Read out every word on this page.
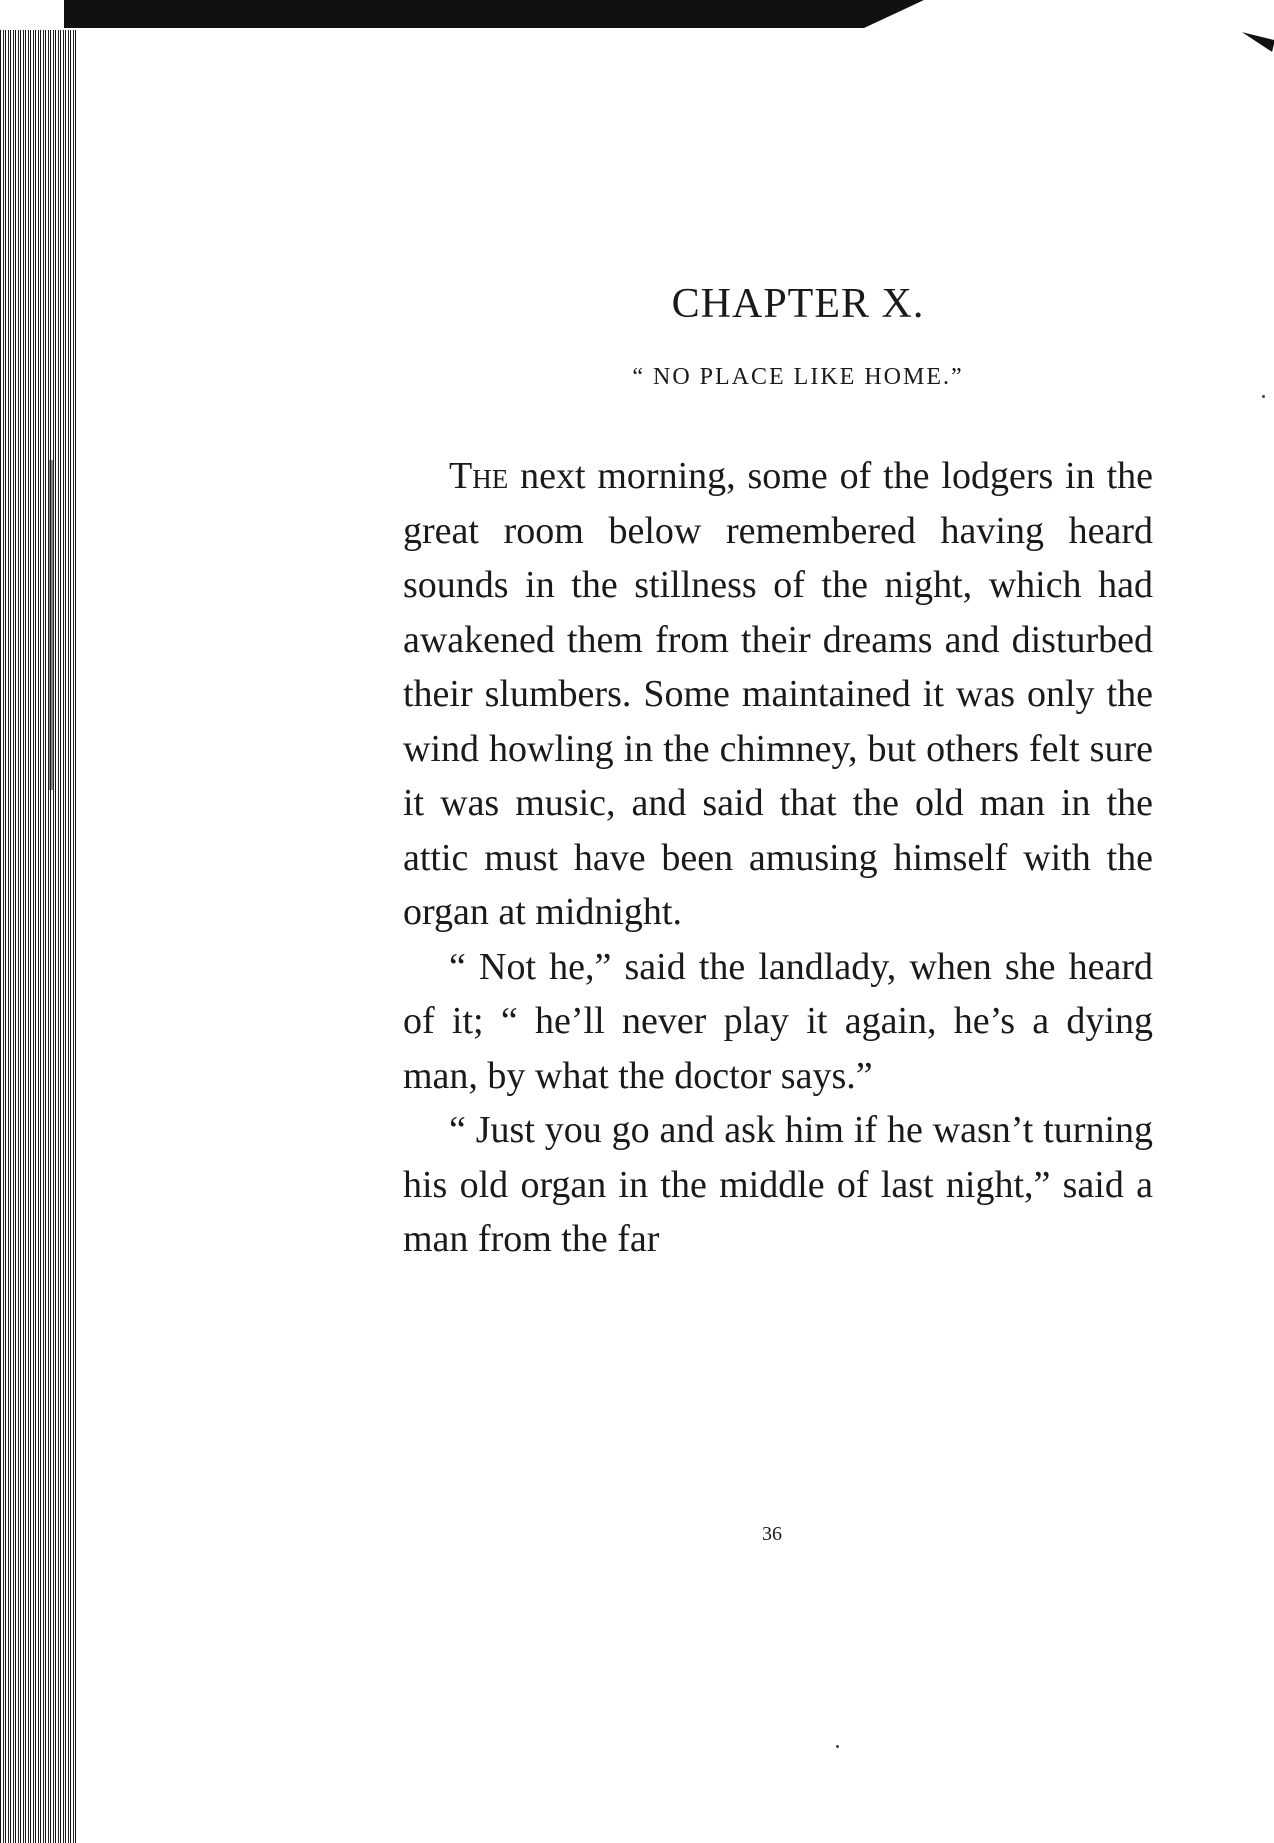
CHAPTER X.
“ NO PLACE LIKE HOME.”

The next morning, some of the lodgers in the great room below remembered having heard sounds in the stillness of the night, which had awakened them from their dreams and disturbed their slumbers. Some maintained it was only the wind howling in the chimney, but others felt sure it was music, and said that the old man in the attic must have been amusing himself with the organ at midnight.

“ Not he,” said the landlady, when she heard of it; “ he’ll never play it again, he’s a dying man, by what the doctor says.”

“ Just you go and ask him if he wasn’t turning his old organ in the middle of last night,” said a man from the far

36
